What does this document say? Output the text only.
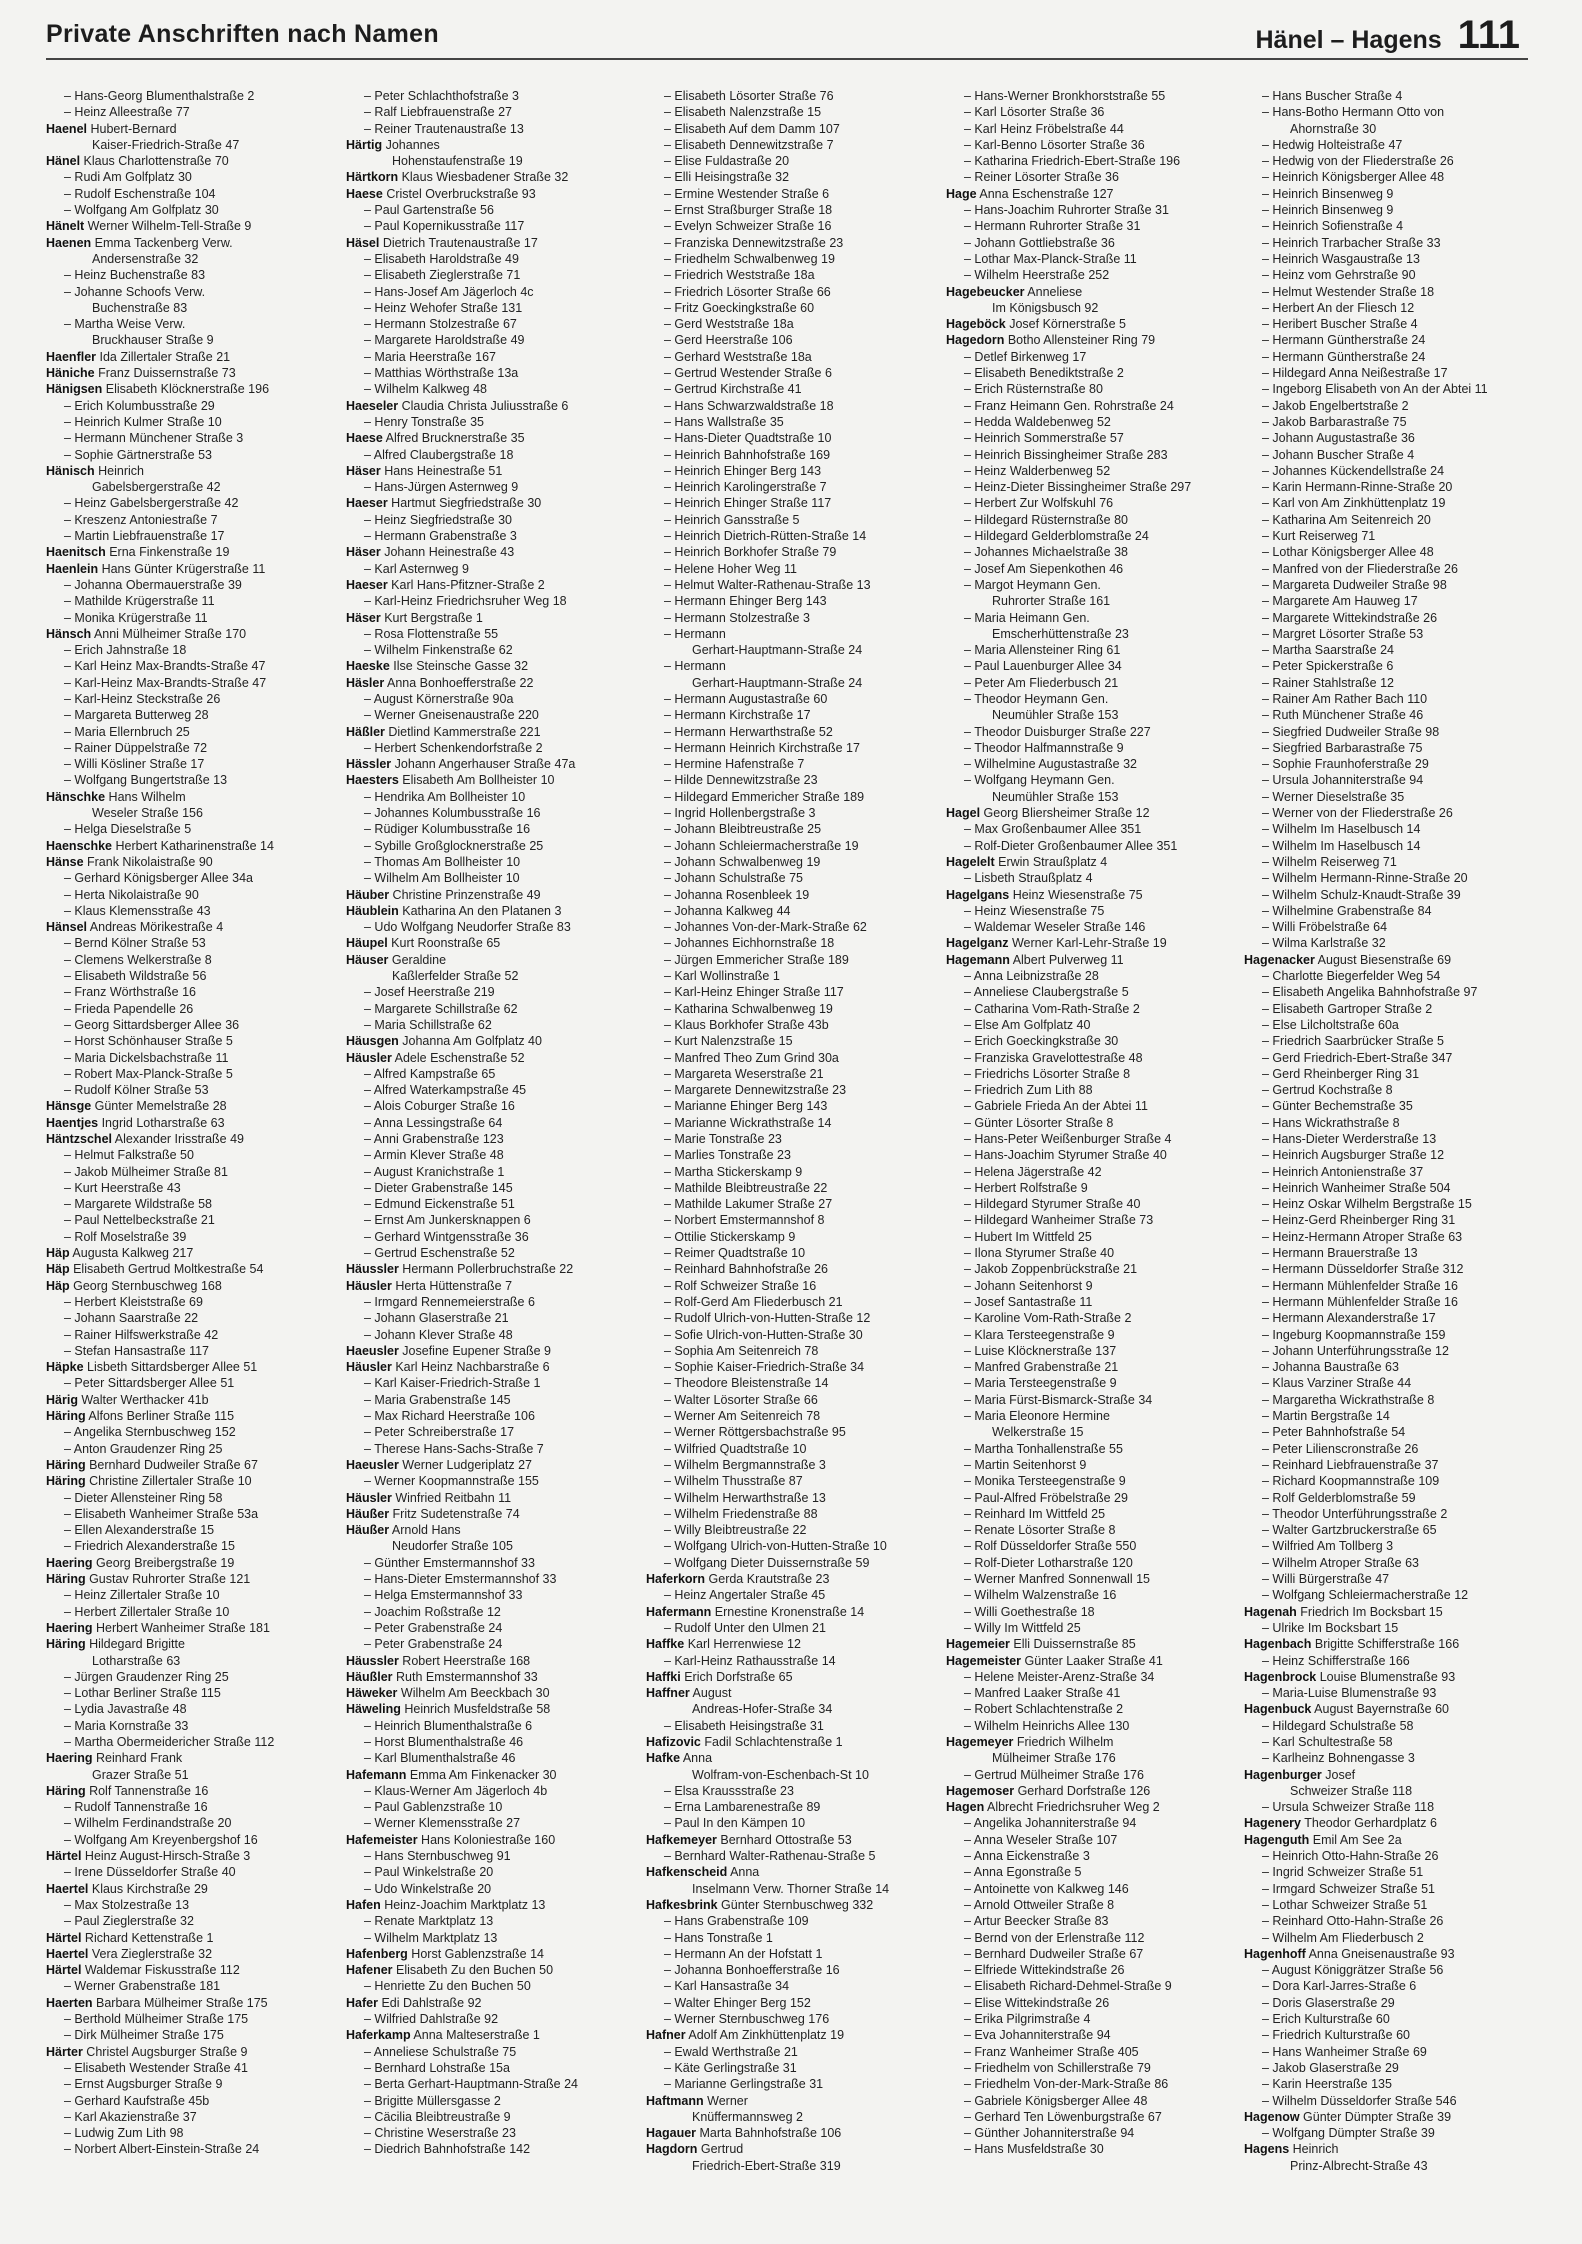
Private Anschriften nach Namen	Hänel – Hagens 111
– Hans-Georg Blumenthalstraße 2
– Heinz Alleestraße 77
Haenel Hubert-Bernard
Kaiser-Friedrich-Straße 47
Hänel Klaus Charlottenstraße 70
– Rudi Am Golfplatz 30
– Rudolf Eschenstraße 104
– Wolfgang Am Golfplatz 30
Hänelt Werner Wilhelm-Tell-Straße 9
Haenen Emma Tackenberg Verw.
Andersenstraße 32
– Heinz Buchenstraße 83
– Johanne Schoofs Verw.
Buchenstraße 83
– Martha Weise Verw.
Bruckhauser Straße 9
Haenfler Ida Zillertaler Straße 21
Häniche Franz Duissernstraße 73
Hänigsen Elisabeth Klöcknerstraße 196
– Erich Kolumbusstraße 29
– Heinrich Kulmer Straße 10
– Hermann Münchener Straße 3
– Sophie Gärtnerstraße 53
Hänisch Heinrich
Gabelsbergerstraße 42
– Heinz Gabelsbergerstraße 42
– Kreszenz Antoniestraße 7
– Martin Liebfrauenstraße 17
Haenitsch Erna Finkenstraße 19
Haenlein Hans Günter Krügerstraße 11
– Johanna Obermauerstraße 39
– Mathilde Krügerstraße 11
– Monika Krügerstraße 11
Hänsch Anni Mülheimer Straße 170
– Erich Jahnstraße 18
– Karl Heinz Max-Brandts-Straße 47
– Karl-Heinz Max-Brandts-Straße 47
– Karl-Heinz Steckstraße 26
– Margareta Butterweg 28
– Maria Ellernbruch 25
– Rainer Düppelstraße 72
– Willi Kösliner Straße 17
– Wolfgang Bungertstraße 13
Hänschke Hans Wilhelm
Weseler Straße 156
– Helga Dieselstraße 5
Haenschke Herbert Katharinenstraße 14
Hänse Frank Nikolaistraße 90
– Gerhard Königsberger Allee 34a
– Herta Nikolaistraße 90
– Klaus Klemensstraße 43
Hänsel Andreas Mörikestraße 4
– Bernd Kölner Straße 53
– Clemens Welkerstraße 8
– Elisabeth Wildstraße 56
– Franz Wörthstraße 16
– Frieda Papendelle 26
– Georg Sittardsberger Allee 36
– Horst Schönhauser Straße 5
– Maria Dickelsbachstraße 11
– Robert Max-Planck-Straße 5
– Rudolf Kölner Straße 53
Hänsge Günter Memelstraße 28
Haentjes Ingrid Lotharstraße 63
Häntzschel Alexander Irisstraße 49
– Helmut Falkstraße 50
– Jakob Mülheimer Straße 81
– Kurt Heerstraße 43
– Margarete Wildstraße 58
– Paul Nettelbeckstraße 21
– Rolf Moselstraße 39
Häp Augusta Kalkweg 217
Häp Elisabeth Gertrud Moltkestraße 54
Häp Georg Sternbuschweg 168
– Herbert Kleiststraße 69
– Johann Saarstraße 22
– Rainer Hilfswerkstraße 42
– Stefan Hansastraße 117
Häpke Lisbeth Sittardsberger Allee 51
– Peter Sittardsberger Allee 51
Härig Walter Werthacker 41b
Häring Alfons Berliner Straße 115
– Angelika Sternbuschweg 152
– Anton Graudenzer Ring 25
Häring Bernhard Dudweiler Straße 67
Häring Christine Zillertaler Straße 10
– Dieter Allensteiner Ring 58
– Elisabeth Wanheimer Straße 53a
– Ellen Alexanderstraße 15
– Friedrich Alexanderstraße 15
Haering Georg Breibergstraße 19
Häring Gustav Ruhrorter Straße 121
– Heinz Zillertaler Straße 10
– Herbert Zillertaler Straße 10
Haering Herbert Wanheimer Straße 181
Häring Hildegard Brigitte
Lotharstraße 63
– Jürgen Graudenzer Ring 25
– Lothar Berliner Straße 115
– Lydia Javastraße 48
– Maria Kornstraße 33
– Martha Obermeidericher Straße 112
Haering Reinhard Frank
Grazer Straße 51
Häring Rolf Tannenstraße 16
– Rudolf Tannenstraße 16
– Wilhelm Ferdinandstraße 20
– Wolfgang Am Kreyenbergshof 16
Härtel Heinz August-Hirsch-Straße 3
– Irene Düsseldorfer Straße 40
Haertel Klaus Kirchstraße 29
– Max Stolzestraße 13
– Paul Zieglerstraße 32
Härtel Richard Kettenstraße 1
Haertel Vera Zieglerstraße 32
Härtel Waldemar Fiskusstraße 112
– Werner Grabenstraße 181
Haerten Barbara Mülheimer Straße 175
– Berthold Mülheimer Straße 175
– Dirk Mülheimer Straße 175
Härter Christel Augsburger Straße 9
– Elisabeth Westender Straße 41
– Ernst Augsburger Straße 9
– Gerhard Kaufstraße 45b
– Karl Akazienstraße 37
– Ludwig Zum Lith 98
– Norbert Albert-Einstein-Straße 24
– Peter Schlachthofstraße 3
– Ralf Liebfrauenstraße 27
– Reiner Trautenaustraße 13
Härtig Johannes
Hohenstaufenstraße 19
Härtkorn Klaus Wiesbadener Straße 32
Haese Cristel Overbruckstraße 93
– Paul Gartenstraße 56
– Paul Kopernikusstraße 117
Häsel Dietrich Trautenaustraße 17
– Elisabeth Haroldstraße 49
– Elisabeth Zieglerstraße 71
– Hans-Josef Am Jägerloch 4c
– Heinz Wehofer Straße 131
– Hermann Stolzestraße 67
– Margarete Haroldstraße 49
– Maria Heerstraße 167
– Matthias Wörthstraße 13a
– Wilhelm Kalkweg 48
Haeseler Claudia Christa Juliusstraße 6
– Henry Tonstraße 35
Haese Alfred Brucknerstraße 35
– Alfred Claubergstraße 18
Häser Hans Heinestraße 51
– Hans-Jürgen Asternweg 9
Haeser Hartmut Siegfriedstraße 30
– Heinz Siegfriedstraße 30
– Hermann Grabenstraße 3
Häser Johann Heinestraße 43
– Karl Asternweg 9
Haeser Karl Hans-Pfitzner-Straße 2
– Karl-Heinz Friedrichsruher Weg 18
Häser Kurt Bergstraße 1
– Rosa Flottenstraße 55
– Wilhelm Finkenstraße 62
Haeske Ilse Steinsche Gasse 32
Häsler Anna Bonhoefferstraße 22
– August Körnerstraße 90a
– Werner Gneisenaustraße 220
Häßler Dietlind Kammerstraße 221
– Herbert Schenkendorfstraße 2
Hässler Johann Angerhauser Straße 47a
Haesters Elisabeth Am Bollheister 10
– Hendrika Am Bollheister 10
– Johannes Kolumbusstraße 16
– Rüdiger Kolumbusstraße 16
– Sybille Großglocknerstraße 25
– Thomas Am Bollheister 10
– Wilhelm Am Bollheister 10
Häuber Christine Prinzenstraße 49
Häublein Katharina An den Platanen 3
– Udo Wolfgang Neudorfer Straße 83
Häupel Kurt Roonstraße 65
Häuser Geraldine
Kaßlerfelder Straße 52
– Josef Heerstraße 219
– Margarete Schillstraße 62
– Maria Schillstraße 62
Häusgen Johanna Am Golfplatz 40
Häusler Adele Eschenstraße 52
– Alfred Kampstraße 65
– Alfred Waterkampstraße 45
– Alois Coburger Straße 16
– Anna Lessingstraße 64
– Anni Grabenstraße 123
– Armin Klever Straße 48
– August Kranichstraße 1
– Dieter Grabenstraße 145
– Edmund Eickenstraße 51
– Ernst Am Junkersknappen 6
– Gerhard Wintgensstraße 36
– Gertrud Eschenstraße 52
Häussler Hermann Pollerbruchstraße 22
Häusler Herta Hüttenstraße 7
– Irmgard Rennemeierstraße 6
– Johann Glaserstraße 21
– Johann Klever Straße 48
Haeusler Josefine Eupener Straße 9
Häusler Karl Heinz Nachbarstraße 6
– Karl Kaiser-Friedrich-Straße 1
– Maria Grabenstraße 145
– Max Richard Heerstraße 106
– Peter Schreiberstraße 17
– Therese Hans-Sachs-Straße 7
Haeusler Werner Ludgeriplatz 27
– Werner Koopmannstraße 155
Häusler Winfried Reitbahn 11
Häußer Fritz Sudetenstraße 74
Häußer Arnold Hans
Neudorfer Straße 105
– Günther Emstermannshof 33
– Hans-Dieter Emstermannshof 33
– Helga Emstermannshof 33
– Joachim Roßstraße 12
– Peter Grabenstraße 24
– Peter Grabenstraße 24
Häussler Robert Heerstraße 168
Häußler Ruth Emstermannshof 33
Häweker Wilhelm Am Beeckbach 30
Häweling Heinrich Musfeldstraße 58
– Heinrich Blumenthalstraße 6
– Horst Blumenthalstraße 46
– Karl Blumenthalstraße 46
Hafemann Emma Am Finkenacker 30
– Klaus-Werner Am Jägerloch 4b
– Paul Gablenzstraße 10
– Werner Klemensstraße 27
Hafemeister Hans Koloniestraße 160
– Hans Sternbuschweg 91
– Paul Winkelstraße 20
– Udo Winkelstraße 20
Hafen Heinz-Joachim Marktplatz 13
– Renate Marktplatz 13
– Wilhelm Marktplatz 13
Hafenberg Horst Gablenzstraße 14
Hafener Elisabeth Zu den Buchen 50
– Henriette Zu den Buchen 50
Hafer Edi Dahlstraße 92
– Wilfried Dahlstraße 92
Haferkamp Anna Malteserstraße 1
– Anneliese Schulstraße 75
– Bernhard Lohstraße 15a
– Berta Gerhart-Hauptmann-Straße 24
– Brigitte Müllersgasse 2
– Cäcilia Bleibtreustraße 9
– Christine Weserstraße 23
– Diedrich Bahnhofstraße 142
– Elisabeth Lösorter Straße 76
– Elisabeth Nalenzstraße 15
– Elisabeth Auf dem Damm 107
– Elisabeth Dennewitzstraße 7
– Elise Fuldastraße 20
– Elli Heisingstraße 32
– Ermine Westender Straße 6
– Ernst Straßburger Straße 18
– Evelyn Schweizer Straße 16
– Franziska Dennewitzstraße 23
– Friedhelm Schwalbenweg 19
– Friedrich Weststraße 18a
– Friedrich Lösorter Straße 66
– Fritz Goeckingkstraße 60
– Gerd Weststraße 18a
– Gerd Heerstraße 106
– Gerhard Weststraße 18a
– Gertrud Westender Straße 6
– Gertrud Kirchstraße 41
– Hans Schwarzwaldstraße 18
– Hans Wallstraße 35
– Hans-Dieter Quadtstraße 10
– Heinrich Bahnhofstraße 169
– Heinrich Ehinger Berg 143
– Heinrich Karolingerstraße 7
– Heinrich Ehinger Straße 117
– Heinrich Gansstraße 5
– Heinrich Dietrich-Rütten-Straße 14
– Heinrich Borkhofer Straße 79
– Helene Hoher Weg 11
– Helmut Walter-Rathenau-Straße 13
– Hermann Ehinger Berg 143
– Hermann Stolzestraße 3
– Hermann
Gerhart-Hauptmann-Straße 24
– Hermann
Gerhart-Hauptmann-Straße 24
– Hermann Augustastraße 60
– Hermann Kirchstraße 17
– Hermann Herwarthstraße 52
– Hermann Heinrich Kirchstraße 17
– Hermine Hafenstraße 7
– Hilde Dennewitzstraße 23
– Hildegard Emmericher Straße 189
– Ingrid Hollenbergstraße 3
– Johann Bleibtreustraße 25
– Johann Schleiermacherstraße 19
– Johann Schwalbenweg 19
– Johann Schulstraße 75
– Johanna Rosenbleek 19
– Johanna Kalkweg 44
– Johannes Von-der-Mark-Straße 62
– Johannes Eichhornstraße 18
– Jürgen Emmericher Straße 189
– Karl Wollinstraße 1
– Karl-Heinz Ehinger Straße 117
– Katharina Schwalbenweg 19
– Klaus Borkhofer Straße 43b
– Kurt Nalenzstraße 15
– Manfred Theo Zum Grind 30a
– Margareta Weserstraße 21
– Margarete Dennewitzstraße 23
– Marianne Ehinger Berg 143
– Marianne Wickrathstraße 14
– Marie Tonstraße 23
– Marlies Tonstraße 23
– Martha Stickerskamp 9
– Mathilde Bleibtreustraße 22
– Mathilde Lakumer Straße 27
– Norbert Emstermannshof 8
– Ottilie Stickerskamp 9
– Reimer Quadtstraße 10
– Reinhard Bahnhofstraße 26
– Rolf Schweizer Straße 16
– Rolf-Gerd Am Fliederbusch 21
– Rudolf Ulrich-von-Hutten-Straße 12
– Sofie Ulrich-von-Hutten-Straße 30
– Sophia Am Seitenreich 78
– Sophie Kaiser-Friedrich-Straße 34
– Theodore Bleistenstraße 14
– Walter Lösorter Straße 66
– Werner Am Seitenreich 78
– Werner Röttgersbachstraße 95
– Wilfried Quadtstraße 10
– Wilhelm Bergmannstraße 3
– Wilhelm Thusstraße 87
– Wilhelm Herwarthstraße 13
– Wilhelm Friedenstraße 88
– Willy Bleibtreustraße 22
– Wolfgang Ulrich-von-Hutten-Straße 10
– Wolfgang Dieter Duissernstraße 59
Haferkorn Gerda Krautstraße 23
– Heinz Angertaler Straße 45
Hafermann Ernestine Kronenstraße 14
– Rudolf Unter den Ulmen 21
Haffke Karl Herrenwiese 12
– Karl-Heinz Rathausstraße 14
Haffki Erich Dorfstraße 65
Haffner August
Andreas-Hofer-Straße 34
– Elisabeth Heisingstraße 31
Hafizovic Fadil Schlachtenstraße 1
Hafke Anna
Wolfram-von-Eschenbach-St 10
– Elsa Kraussstraße 23
– Erna Lambarenestraße 89
– Paul In den Kämpen 10
Hafkemeyer Bernhard Ottostraße 53
– Bernhard Walter-Rathenau-Straße 5
Hafkenscheid Anna
Inselmann Verw. Thorner Straße 14
Hafkesbrink Günter Sternbuschweg 332
– Hans Grabenstraße 109
– Hans Tonstraße 1
– Hermann An der Hofstatt 1
– Johanna Bonhoefferstraße 16
– Karl Hansastraße 34
– Walter Ehinger Berg 152
– Werner Sternbuschweg 176
Hafner Adolf Am Zinkhüttenplatz 19
– Ewald Werthstraße 21
– Käte Gerlingstraße 31
– Marianne Gerlingstraße 31
Haftmann Werner
Knüffermannsweg 2
Hagauer Marta Bahnhofstraße 106
Hagdorn Gertrud
Friedrich-Ebert-Straße 319
– Hans-Werner Bronkhorststraße 55
– Karl Lösorter Straße 36
– Karl Heinz Fröbelstraße 44
– Karl-Benno Lösorter Straße 36
– Katharina Friedrich-Ebert-Straße 196
– Reiner Lösorter Straße 36
Hage Anna Eschenstraße 127
– Hans-Joachim Ruhrorter Straße 31
– Hermann Ruhrorter Straße 31
– Johann Gottliebstraße 36
– Lothar Max-Planck-Straße 11
– Wilhelm Heerstraße 252
Hagebeucker Anneliese
Im Königsbusch 92
Hageböck Josef Körnerstraße 5
Hagedorn Botho Allensteiner Ring 79
– Detlef Birkenweg 17
– Elisabeth Benediktstraße 2
– Erich Rüsternstraße 80
– Franz Heimann Gen. Rohrstraße 24
– Hedda Waldebenweg 52
– Heinrich Sommerstraße 57
– Heinrich Bissingheimer Straße 283
– Heinz Walderbenweg 52
– Heinz-Dieter Bissingheimer Straße 297
– Herbert Zur Wolfskuhl 76
– Hildegard Rüsternstraße 80
– Hildegard Gelderblomstraße 24
– Johannes Michaelstraße 38
– Josef Am Siepenkothen 46
– Margot Heymann Gen.
Ruhrorter Straße 161
– Maria Heimann Gen.
Emscherhüttenstraße 23
– Maria Allensteiner Ring 61
– Paul Lauenburger Allee 34
– Peter Am Fliederbusch 21
– Theodor Heymann Gen.
Neumühler Straße 153
– Theodor Duisburger Straße 227
– Theodor Halfmannstraße 9
– Wilhelmine Augustastraße 32
– Wolfgang Heymann Gen.
Neumühler Straße 153
Hagel Georg Bliersheimer Straße 12
– Max Großenbaumer Allee 351
– Rolf-Dieter Großenbaumer Allee 351
Hagelelt Erwin Straußplatz 4
– Lisbeth Straußplatz 4
Hagelgans Heinz Wiesenstraße 75
– Heinz Wiesenstraße 75
– Waldemar Weseler Straße 146
Hagelganz Werner Karl-Lehr-Straße 19
Hagemann Albert Pulverweg 11
– Anna Leibnizstraße 28
– Anneliese Claubergstraße 5
– Catharina Vom-Rath-Straße 2
– Else Am Golfplatz 40
– Erich Goeckingkstraße 30
– Franziska Gravelottestraße 48
– Friedrichs Lösorter Straße 8
– Friedrich Zum Lith 88
– Gabriele Frieda An der Abtei 11
– Günter Lösorter Straße 8
– Hans-Peter Weißenburger Straße 4
– Hans-Joachim Styrumer Straße 40
– Helena Jägerstraße 42
– Herbert Rolfstraße 9
– Hildegard Styrumer Straße 40
– Hildegard Wanheimer Straße 73
– Hubert Im Wittfeld 25
– Ilona Styrumer Straße 40
– Jakob Zoppenbrückstraße 21
– Johann Seitenhorst 9
– Josef Santastraße 11
– Karoline Vom-Rath-Straße 2
– Klara Tersteegenstraße 9
– Luise Klöcknerstraße 137
– Manfred Grabenstraße 21
– Maria Tersteegenstraße 9
– Maria Fürst-Bismarck-Straße 34
– Maria Eleonore Hermine
Welkerstraße 15
– Martha Tonhallenstraße 55
– Martin Seitenhorst 9
– Monika Tersteegenstraße 9
– Paul-Alfred Fröbelstraße 29
– Reinhard Im Wittfeld 25
– Renate Lösorter Straße 8
– Rolf Düsseldorfer Straße 550
– Rolf-Dieter Lotharstraße 120
– Werner Manfred Sonnenwall 15
– Wilhelm Walzenstraße 16
– Willi Goethestraße 18
– Willy Im Wittfeld 25
Hagemeier Elli Duissernstraße 85
Hagemeister Günter Laaker Straße 41
– Helene Meister-Arenz-Straße 34
– Manfred Laaker Straße 41
– Robert Schlachtenstraße 2
– Wilhelm Heinrichs Allee 130
Hagemeyer Friedrich Wilhelm
Mülheimer Straße 176
– Gertrud Mülheimer Straße 176
Hagemoser Gerhard Dorfstraße 126
Hagen Albrecht Friedrichsruher Weg 2
– Angelika Johanniterstraße 94
– Anna Weseler Straße 107
– Anna Eickenstraße 3
– Anna Egonstraße 5
– Antoinette von Kalkweg 146
– Arnold Ottweiler Straße 8
– Artur Beecker Straße 83
– Bernd von der Erlenstraße 112
– Bernhard Dudweiler Straße 67
– Elfriede Wittekindstraße 26
– Elisabeth Richard-Dehmel-Straße 9
– Elise Wittekindstraße 26
– Erika Pilgrimstraße 4
– Eva Johanniterstraße 94
– Franz Wanheimer Straße 405
– Friedhelm von Schillerstraße 79
– Friedhelm Von-der-Mark-Straße 86
– Gabriele Königsberger Allee 48
– Gerhard Ten Löwenburgstraße 67
– Günther Johanniterstraße 94
– Hans Musfeldstraße 30
– Hans Buscher Straße 4
– Hans-Botho Hermann Otto von
Ahornstraße 30
– Hedwig Holteistraße 47
– Hedwig von der Fliederstraße 26
– Heinrich Königsberger Allee 48
– Heinrich Binsenweg 9
– Heinrich Binsenweg 9
– Heinrich Sofienstraße 4
– Heinrich Trarbacher Straße 33
– Heinrich Wasgaustraße 13
– Heinz vom Gehrstraße 90
– Helmut Westender Straße 18
– Herbert An der Fliesch 12
– Heribert Buscher Straße 4
– Hermann Güntherstraße 24
– Hermann Güntherstraße 24
– Hildegard Anna Neißestraße 17
– Ingeborg Elisabeth von An der Abtei 11
– Jakob Engelbertstraße 2
– Jakob Barbarastraße 75
– Johann Augustastraße 36
– Johann Buscher Straße 4
– Johannes Kückendellstraße 24
– Karin Hermann-Rinne-Straße 20
– Karl von Am Zinkhüttenplatz 19
– Katharina Am Seitenreich 20
– Kurt Reiserweg 71
– Lothar Königsberger Allee 48
– Manfred von der Fliederstraße 26
– Margareta Dudweiler Straße 98
– Margarete Am Hauweg 17
– Margarete Wittekindstraße 26
– Margret Lösorter Straße 53
– Martha Saarstraße 24
– Peter Spickerstraße 6
– Rainer Stahlstraße 12
– Rainer Am Rather Bach 110
– Ruth Münchener Straße 46
– Siegfried Dudweiler Straße 98
– Siegfried Barbarastraße 75
– Sophie Fraunhoferstraße 29
– Ursula Johanniterstraße 94
– Werner Dieselstraße 35
– Werner von der Fliederstraße 26
– Wilhelm Im Haselbusch 14
– Wilhelm Im Haselbusch 14
– Wilhelm Reiserweg 71
– Wilhelm Hermann-Rinne-Straße 20
– Wilhelm Schulz-Knaudt-Straße 39
– Wilhelmine Grabenstraße 84
– Willi Fröbelstraße 64
– Wilma Karlstraße 32
Hagenacker August Biesenstraße 69
– Charlotte Biegerfelder Weg 54
– Elisabeth Angelika Bahnhofstraße 97
– Elisabeth Gartroper Straße 2
– Else Lilcholtstraße 60a
– Friedrich Saarbrücker Straße 5
– Gerd Friedrich-Ebert-Straße 347
– Gerd Rheinberger Ring 31
– Gertrud Kochstraße 8
– Günter Bechemstraße 35
– Hans Wickrathstraße 8
– Hans-Dieter Werderstraße 13
– Heinrich Augsburger Straße 12
– Heinrich Antonienstraße 37
– Heinrich Wanheimer Straße 504
– Heinz Oskar Wilhelm Bergstraße 15
– Heinz-Gerd Rheinberger Ring 31
– Heinz-Hermann Atroper Straße 63
– Hermann Brauerstraße 13
– Hermann Düsseldorfer Straße 312
– Hermann Mühlenfelder Straße 16
– Hermann Mühlenfelder Straße 16
– Hermann Alexanderstraße 17
– Ingeburg Koopmannstraße 159
– Johann Unterführungsstraße 12
– Johanna Baustraße 63
– Klaus Varziner Straße 44
– Margaretha Wickrathstraße 8
– Martin Bergstraße 14
– Peter Bahnhofstraße 54
– Peter Lilienscronstraße 26
– Reinhard Liebfrauenstraße 37
– Richard Koopmannstraße 109
– Rolf Gelderblomstraße 59
– Theodor Unterführungsstraße 2
– Walter Gartzbruckerstraße 65
– Wilfried Am Tollberg 3
– Wilhelm Atroper Straße 63
– Willi Bürgerstraße 47
– Wolfgang Schleiermacherstraße 12
Hagenah Friedrich Im Bocksbart 15
– Ulrike Im Bocksbart 15
Hagenbach Brigitte Schifferstraße 166
– Heinz Schifferstraße 166
Hagenbrock Louise Blumenstraße 93
– Maria-Luise Blumenstraße 93
Hagenbuck August Bayernstraße 60
– Hildegard Schulstraße 58
– Karl Schultestraße 58
– Karlheinz Bohnengasse 3
Hagenburger Josef
Schweizer Straße 118
– Ursula Schweizer Straße 118
Hagenery Theodor Gerhardplatz 6
Hagenguth Emil Am See 2a
– Heinrich Otto-Hahn-Straße 26
– Ingrid Schweizer Straße 51
– Irmgard Schweizer Straße 51
– Lothar Schweizer Straße 51
– Reinhard Otto-Hahn-Straße 26
– Wilhelm Am Fliederbusch 2
Hagenhoff Anna Gneisenaustraße 93
– August Königgrätzer Straße 56
– Dora Karl-Jarres-Straße 6
– Doris Glaserstraße 29
– Erich Kulturstraße 60
– Friedrich Kulturstraße 60
– Hans Wanheimer Straße 69
– Jakob Glaserstraße 29
– Karin Heerstraße 135
– Wilhelm Düsseldorfer Straße 546
Hagenow Günter Dümpter Straße 39
– Wolfgang Dümpter Straße 39
Hagens Heinrich
Prinz-Albrecht-Straße 43
